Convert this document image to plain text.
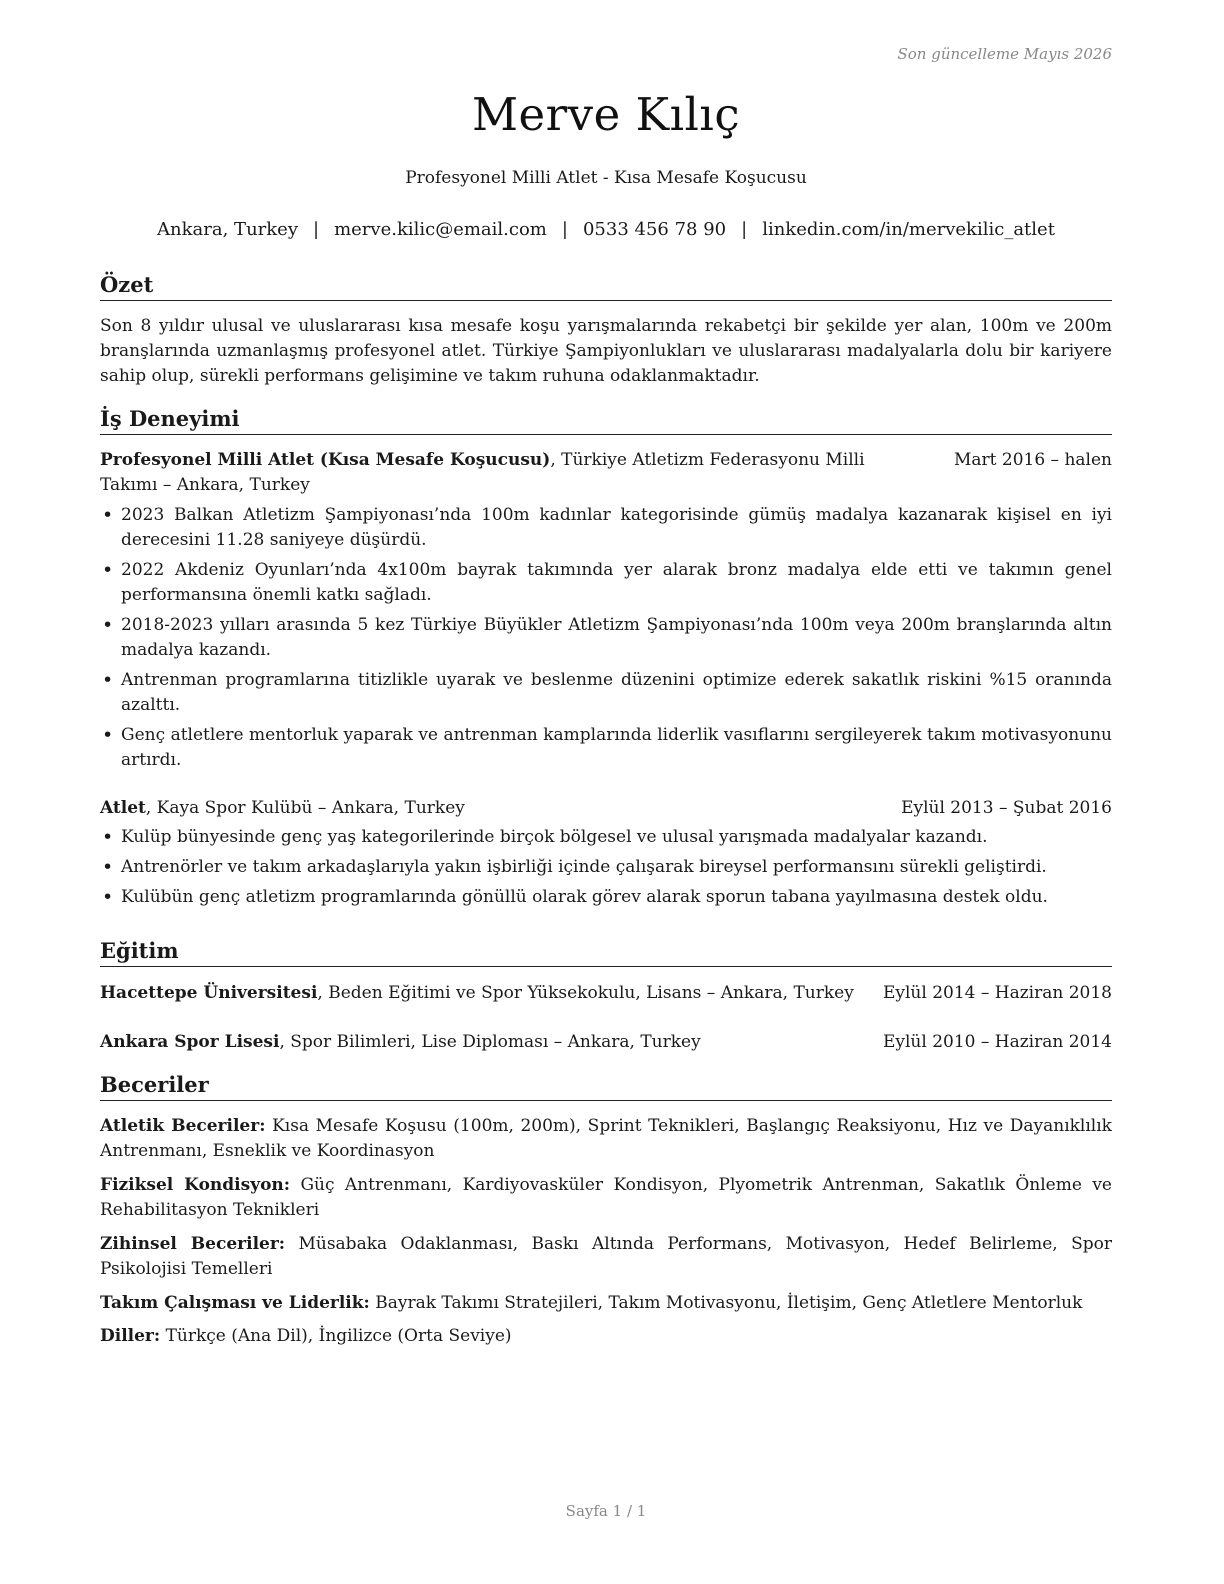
Son güncelleme Mayıs 2026
Merve Kılıç
Profesyonel Milli Atlet - Kısa Mesafe Koşucusu
Ankara, Turkey | merve.kilic@email.com | 0533 456 78 90 | linkedin.com/in/mervekilic_atlet
Özet
Son 8 yıldır ulusal ve uluslararası kısa mesafe koşu yarışmalarında rekabetçi bir şekilde yer alan, 100m ve 200m branşlarında uzmanlaşmış profesyonel atlet. Türkiye Şampiyonlukları ve uluslararası madalyalarla dolu bir kariyere sahip olup, sürekli performans gelişimine ve takım ruhuna odaklanmaktadır.
İş Deneyimi
Profesyonel Milli Atlet (Kısa Mesafe Koşucusu), Türkiye Atletizm Federasyonu Milli Takımı – Ankara, Turkey
Mart 2016 – halen
• 2023 Balkan Atletizm Şampiyonası’nda 100m kadınlar kategorisinde gümüş madalya kazanarak kişisel en iyi derecesini 11.28 saniyeye düşürdü.
• 2022 Akdeniz Oyunları’nda 4x100m bayrak takımında yer alarak bronz madalya elde etti ve takımın genel performansına önemli katkı sağladı.
• 2018-2023 yılları arasında 5 kez Türkiye Büyükler Atletizm Şampiyonası’nda 100m veya 200m branşlarında altın madalya kazandı.
• Antrenman programlarına titizlikle uyarak ve beslenme düzenini optimize ederek sakatlık riskini %15 oranında azalttı.
• Genç atletlere mentorluk yaparak ve antrenman kamplarında liderlik vasıflarını sergileyerek takım motivasyonunu artırdı.
Atlet, Kaya Spor Kulübü – Ankara, Turkey	Eylül 2013 – Şubat 2016
• Kulüp bünyesinde genç yaş kategorilerinde birçok bölgesel ve ulusal yarışmada madalyalar kazandı.
• Antrenörler ve takım arkadaşlarıyla yakın işbirliği içinde çalışarak bireysel performansını sürekli geliştirdi.
• Kulübün genç atletizm programlarında gönüllü olarak görev alarak sporun tabana yayılmasına destek oldu.
Eğitim
Hacettepe Üniversitesi, Beden Eğitimi ve Spor Yüksekokulu, Lisans – Ankara, Turkey Eylül 2014 – Haziran 2018
Ankara Spor Lisesi, Spor Bilimleri, Lise Diploması – Ankara, Turkey	Eylül 2010 – Haziran 2014
Beceriler
Atletik Beceriler: Kısa Mesafe Koşusu (100m, 200m), Sprint Teknikleri, Başlangıç Reaksiyonu, Hız ve Dayanıklılık Antrenmanı, Esneklik ve Koordinasyon
Fiziksel Kondisyon: Güç Antrenmanı, Kardiyovasküler Kondisyon, Plyometrik Antrenman, Sakatlık Önleme ve Rehabilitasyon Teknikleri
Zihinsel Beceriler: Müsabaka Odaklanması, Baskı Altında Performans, Motivasyon, Hedef Belirleme, Spor Psikolojisi Temelleri
Takım Çalışması ve Liderlik: Bayrak Takımı Stratejileri, Takım Motivasyonu, İletişim, Genç Atletlere Mentorluk
Diller: Türkçe (Ana Dil), İngilizce (Orta Seviye)
Sayfa 1 / 1
